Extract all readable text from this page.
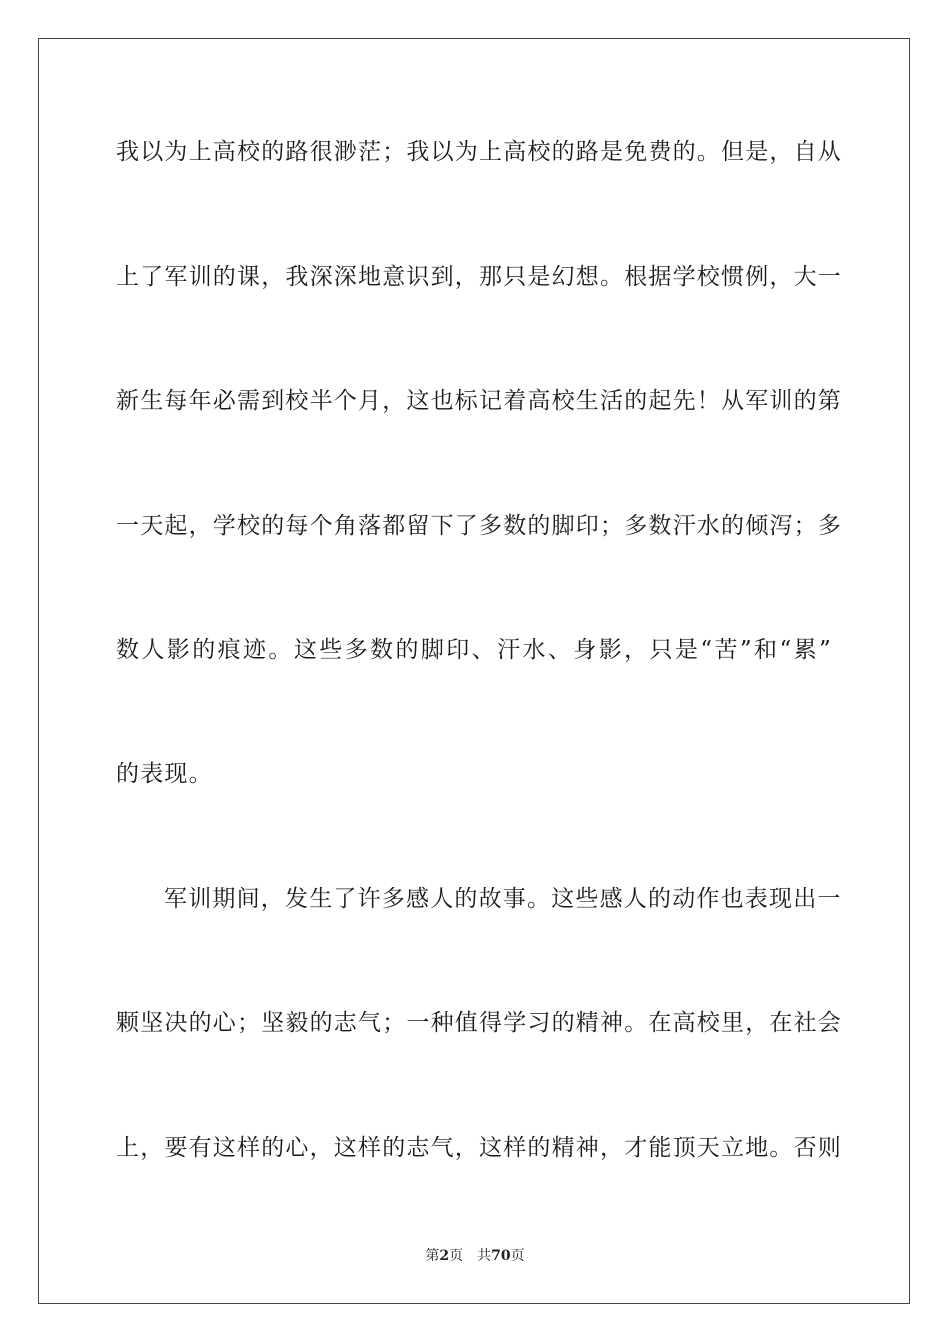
我以为上高校的路很渺茫；我以为上高校的路是免费的。但是，自从
上了军训的课，我深深地意识到，那只是幻想。根据学校惯例，大一
新生每年必需到校半个月，这也标记着高校生活的起先！从军训的第
一天起，学校的每个角落都留下了多数的脚印；多数汗水的倾泻；多
数人影的痕迹。这些多数的脚印、汗水、身影，只是“苦”和“累”
的表现。
军训期间，发生了许多感人的故事。这些感人的动作也表现出一
颗坚决的心；坚毅的志气；一种值得学习的精神。在高校里，在社会
上，要有这样的心，这样的志气，这样的精神，才能顶天立地。否则
第2页 共70页
